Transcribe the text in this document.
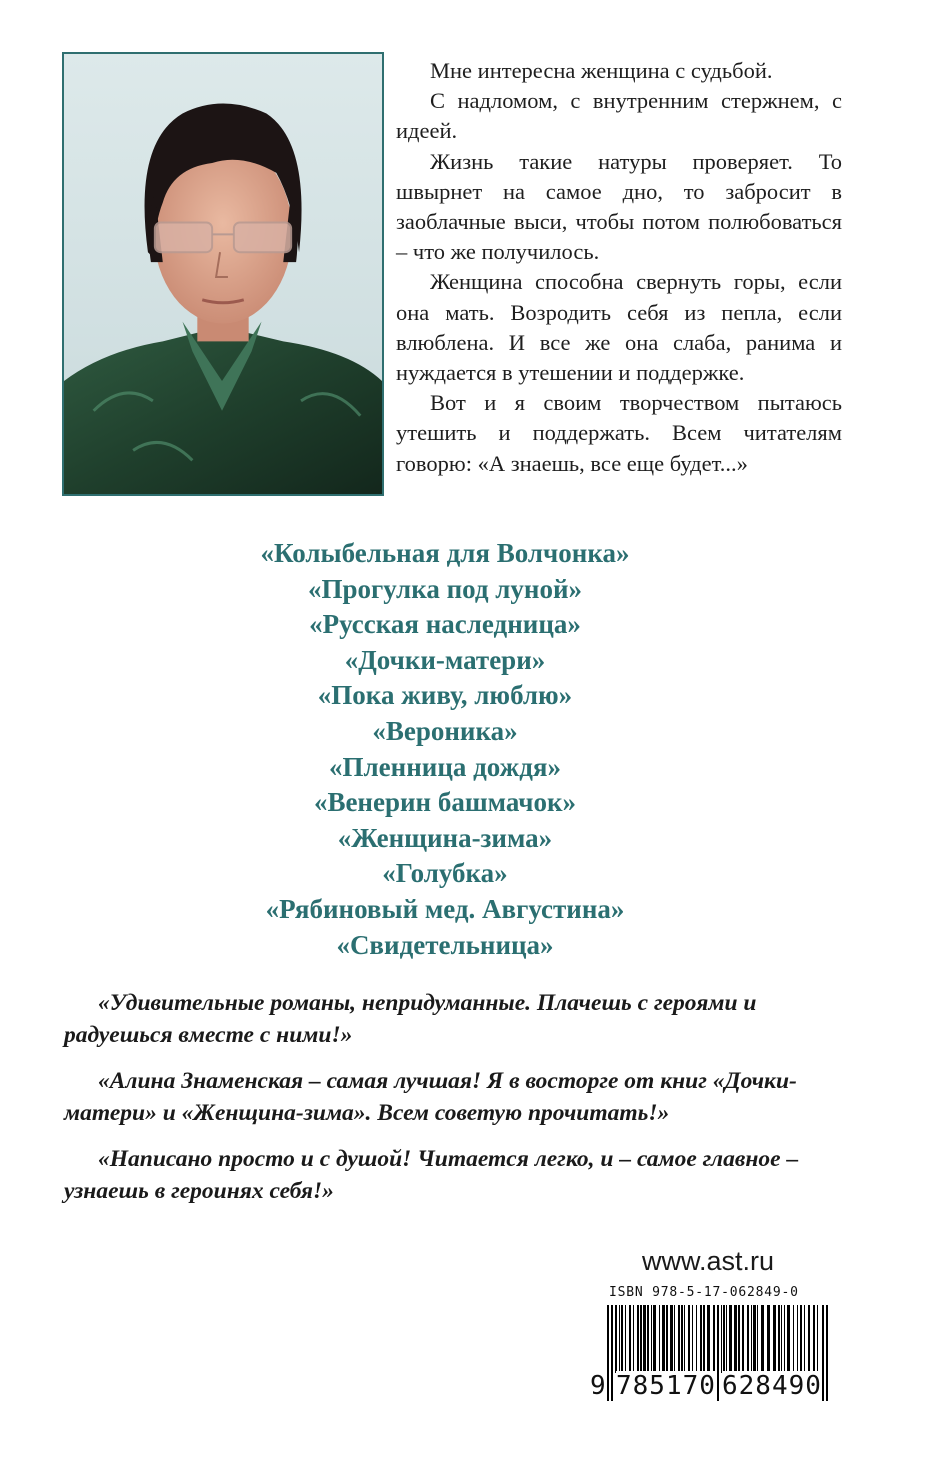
Мне интересна женщина с судьбой.

С надломом, с внутренним стержнем, с идеей.

Жизнь такие натуры проверяет. То швырнет на самое дно, то забросит в заоблачные выси, чтобы потом полюбоваться – что же получилось.

Женщина способна свернуть горы, если она мать. Возродить себя из пепла, если влюблена. И все же она слаба, ранима и нуждается в утешении и поддержке.

Вот и я своим творчеством пытаюсь утешить и поддержать. Всем читателям говорю: «А знаешь, все еще будет...»

«Колыбельная для Волчонка»
«Прогулка под луной»
«Русская наследница»
«Дочки-матери»
«Пока живу, люблю»
«Вероника»
«Пленница дождя»
«Венерин башмачок»
«Женщина-зима»
«Голубка»
«Рябиновый мед. Августина»
«Свидетельница»

«Удивительные романы, непридуманные. Плачешь с героями и радуешься вместе с ними!»

«Алина Знаменская – самая лучшая! Я в восторге от книг «Дочки-матери» и «Женщина-зима». Всем советую прочитать!»

«Написано просто и с душой! Читается легко, и – самое главное – узнаешь в героинях себя!»

www.ast.ru
ISBN 978-5-17-062849-0
9 785170 628490
